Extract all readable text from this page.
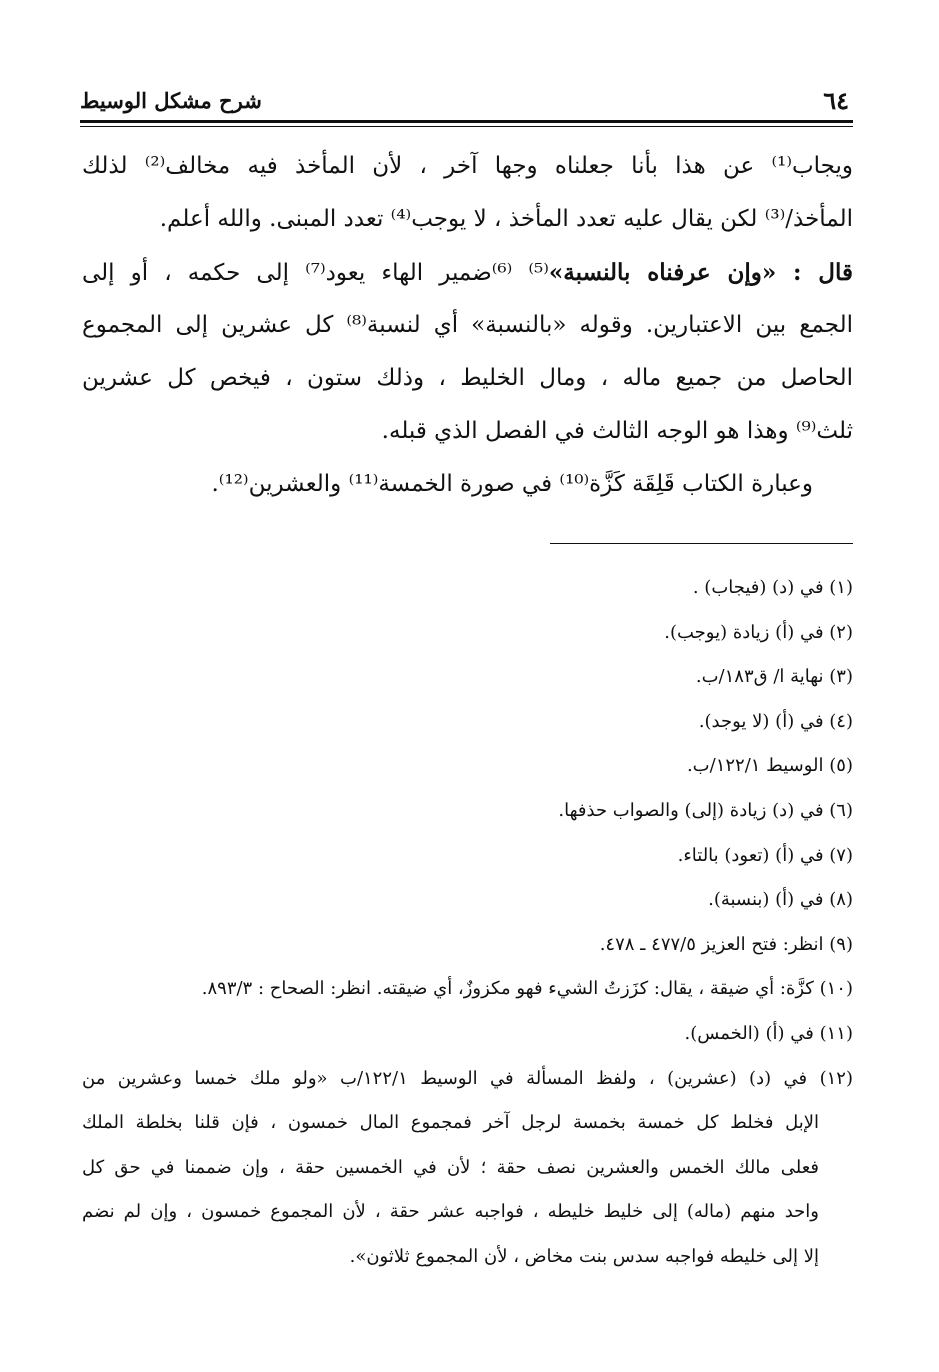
٦٤
شرح مشكل الوسيط
ويجاب⁽¹⁾ عن هذا بأنا جعلناه وجها آخر ، لأن المأخذ فيه مخالف⁽²⁾ لذلك
المأخذ/⁽³⁾ لكن يقال عليه تعدد المأخذ ، لا يوجب⁽⁴⁾ تعدد المبنى. والله أعلم.
قال : «وإن عرفناه بالنسبة»⁽⁵⁾ ⁽⁶⁾ضمير الهاء يعود⁽⁷⁾ إلى حكمه ، أو إلى
الجمع بين الاعتبارين. وقوله «بالنسبة» أي لنسبة⁽⁸⁾ كل عشرين إلى المجموع
الحاصل من جميع ماله ، ومال الخليط ، وذلك ستون ، فيخص كل عشرين
ثلث⁽⁹⁾ وهذا هو الوجه الثالث في الفصل الذي قبله.
وعبارة الكتاب قَلِقَة كَزَّة⁽¹⁰⁾ في صورة الخمسة⁽¹¹⁾ والعشرين⁽¹²⁾.
(١) في (د) (فيجاب) .
(٢) في (أ) زيادة (يوجب).
(٣) نهاية ا/ ق١٨٣/ب.
(٤) في (أ) (لا يوجد).
(٥) الوسيط ١٢٢/١/ب.
(٦) في (د) زيادة (إلى) والصواب حذفها.
(٧) في (أ) (تعود) بالتاء.
(٨) في (أ) (بنسبة).
(٩) انظر: فتح العزيز ٤٧٧/٥ ـ ٤٧٨.
(١٠) كزَّة: أي ضيقة ، يقال: كزَزتُ الشيء فهو مكزوزٌ، أي ضيقته. انظر: الصحاح : ٨٩٣/٣.
(١١) في (أ) (الخمس).
(١٢) في (د) (عشرين) ، ولفظ المسألة في الوسيط ١٢٢/١/ب «ولو ملك خمسا وعشرين من
الإبل فخلط كل خمسة بخمسة لرجل آخر فمجموع المال خمسون ، فإن قلنا بخلطة الملك
فعلى مالك الخمس والعشرين نصف حقة ؛ لأن في الخمسين حقة ، وإن ضممنا في حق كل
واحد منهم (ماله) إلى خليط خليطه ، فواجبه عشر حقة ، لأن المجموع خمسون ، وإن لم نضم
إلا إلى خليطه فواجبه سدس بنت مخاض ، لأن المجموع ثلاثون».
